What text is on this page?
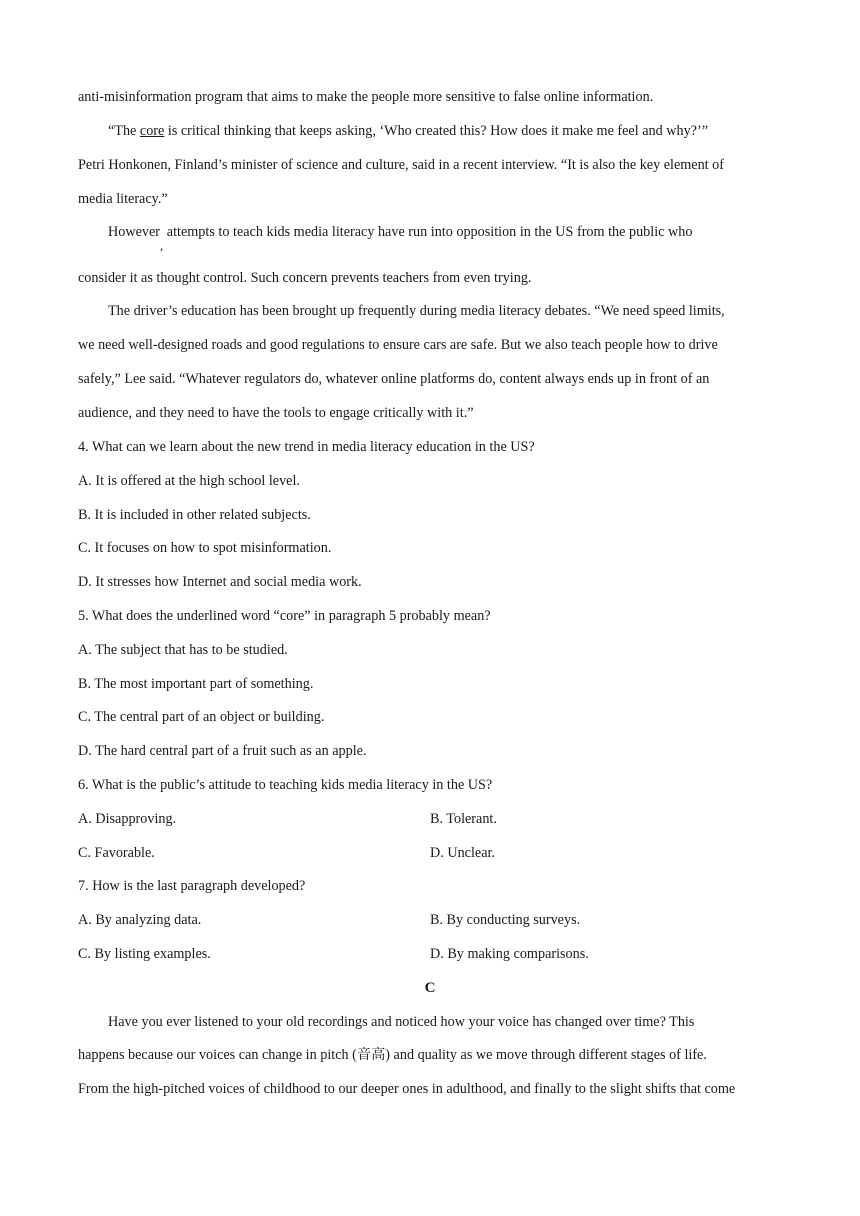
anti-misinformation program that aims to make the people more sensitive to false online information.
“The core is critical thinking that keeps asking, ‘Who created this? How does it make me feel and why?’”
Petri Honkonen, Finland’s minister of science and culture, said in a recent interview. “It is also the key element of
media literacy.”
However, attempts to teach kids media literacy have run into opposition in the US from the public who
consider it as thought control. Such concern prevents teachers from even trying.
The driver’s education has been brought up frequently during media literacy debates. “We need speed limits,
we need well-designed roads and good regulations to ensure cars are safe. But we also teach people how to drive
safely,” Lee said. “Whatever regulators do, whatever online platforms do, content always ends up in front of an
audience, and they need to have the tools to engage critically with it.”
4. What can we learn about the new trend in media literacy education in the US?
A. It is offered at the high school level.
B. It is included in other related subjects.
C. It focuses on how to spot misinformation.
D. It stresses how Internet and social media work.
5. What does the underlined word “core” in paragraph 5 probably mean?
A. The subject that has to be studied.
B. The most important part of something.
C. The central part of an object or building.
D. The hard central part of a fruit such as an apple.
6. What is the public’s attitude to teaching kids media literacy in the US?
A. Disapproving.	B. Tolerant.
C. Favorable.	D. Unclear.
7. How is the last paragraph developed?
A. By analyzing data.	B. By conducting surveys.
C. By listing examples.	D. By making comparisons.
C
Have you ever listened to your old recordings and noticed how your voice has changed over time? This
happens because our voices can change in pitch (音高) and quality as we move through different stages of life.
From the high-pitched voices of childhood to our deeper ones in adulthood, and finally to the slight shifts that come
